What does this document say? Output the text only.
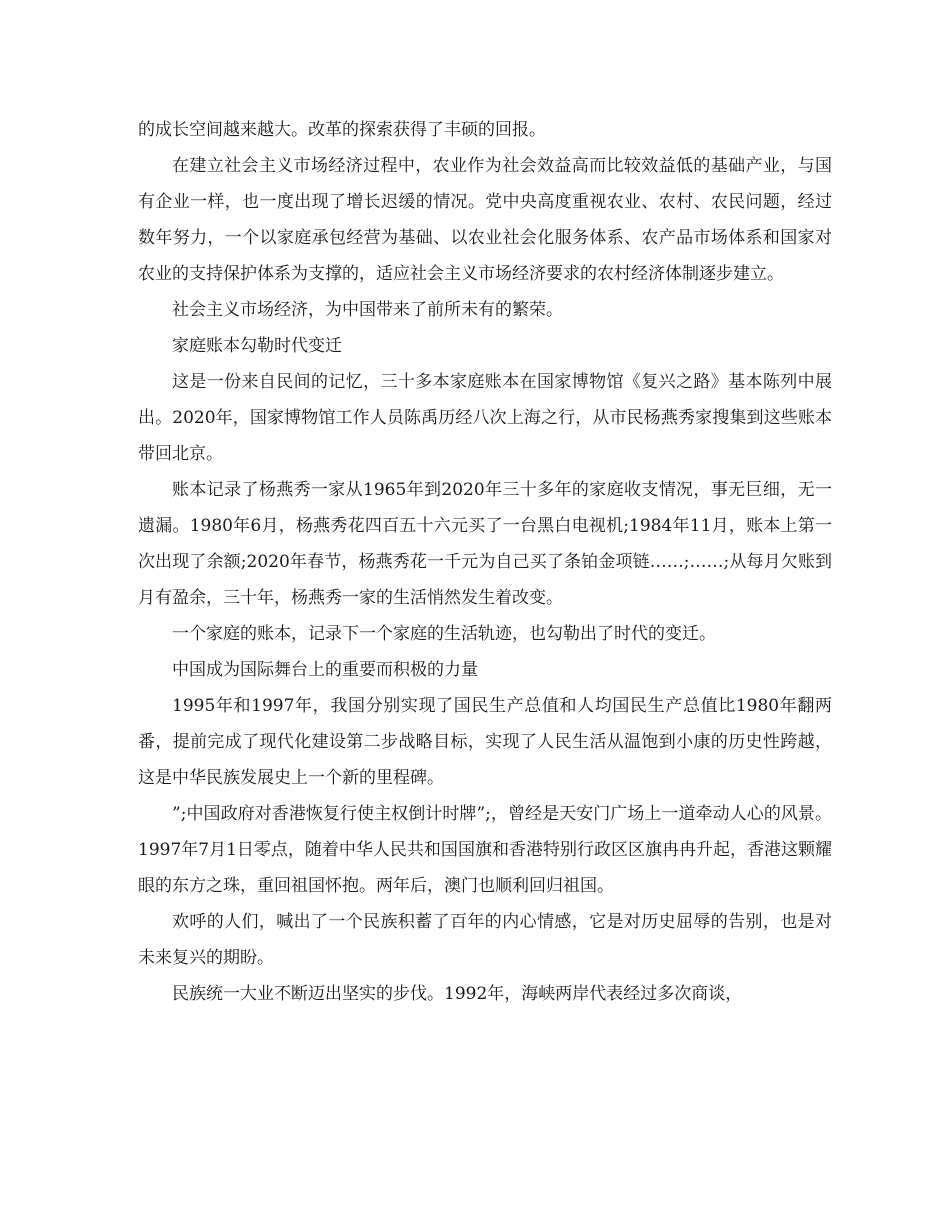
的成长空间越来越大。改革的探索获得了丰硕的回报。

在建立社会主义市场经济过程中，农业作为社会效益高而比较效益低的基础产业，与国有企业一样，也一度出现了增长迟缓的情况。党中央高度重视农业、农村、农民问题，经过数年努力，一个以家庭承包经营为基础、以农业社会化服务体系、农产品市场体系和国家对农业的支持保护体系为支撑的，适应社会主义市场经济要求的农村经济体制逐步建立。

社会主义市场经济，为中国带来了前所未有的繁荣。

家庭账本勾勒时代变迁

这是一份来自民间的记忆，三十多本家庭账本在国家博物馆《复兴之路》基本陈列中展出。2020年，国家博物馆工作人员陈禹历经八次上海之行，从市民杨燕秀家搜集到这些账本带回北京。

账本记录了杨燕秀一家从1965年到2020年三十多年的家庭收支情况，事无巨细，无一遗漏。1980年6月，杨燕秀花四百五十六元买了一台黑白电视机;1984年11月，账本上第一次出现了余额;2020年春节，杨燕秀花一千元为自己买了条铂金项链……;……;从每月欠账到月有盈余，三十年，杨燕秀一家的生活悄然发生着改变。

一个家庭的账本，记录下一个家庭的生活轨迹，也勾勒出了时代的变迁。

中国成为国际舞台上的重要而积极的力量

1995年和1997年，我国分别实现了国民生产总值和人均国民生产总值比1980年翻两番，提前完成了现代化建设第二步战略目标，实现了人民生活从温饱到小康的历史性跨越，这是中华民族发展史上一个新的里程碑。

”;中国政府对香港恢复行使主权倒计时牌”;，曾经是天安门广场上一道牵动人心的风景。1997年7月1日零点，随着中华人民共和国国旗和香港特别行政区区旗冉冉升起，香港这颗耀眼的东方之珠，重回祖国怀抱。两年后，澳门也顺利回归祖国。

欢呼的人们，喊出了一个民族积蓄了百年的内心情感，它是对历史屈辱的告别，也是对未来复兴的期盼。

民族统一大业不断迈出坚实的步伐。1992年，海峡两岸代表经过多次商谈，
